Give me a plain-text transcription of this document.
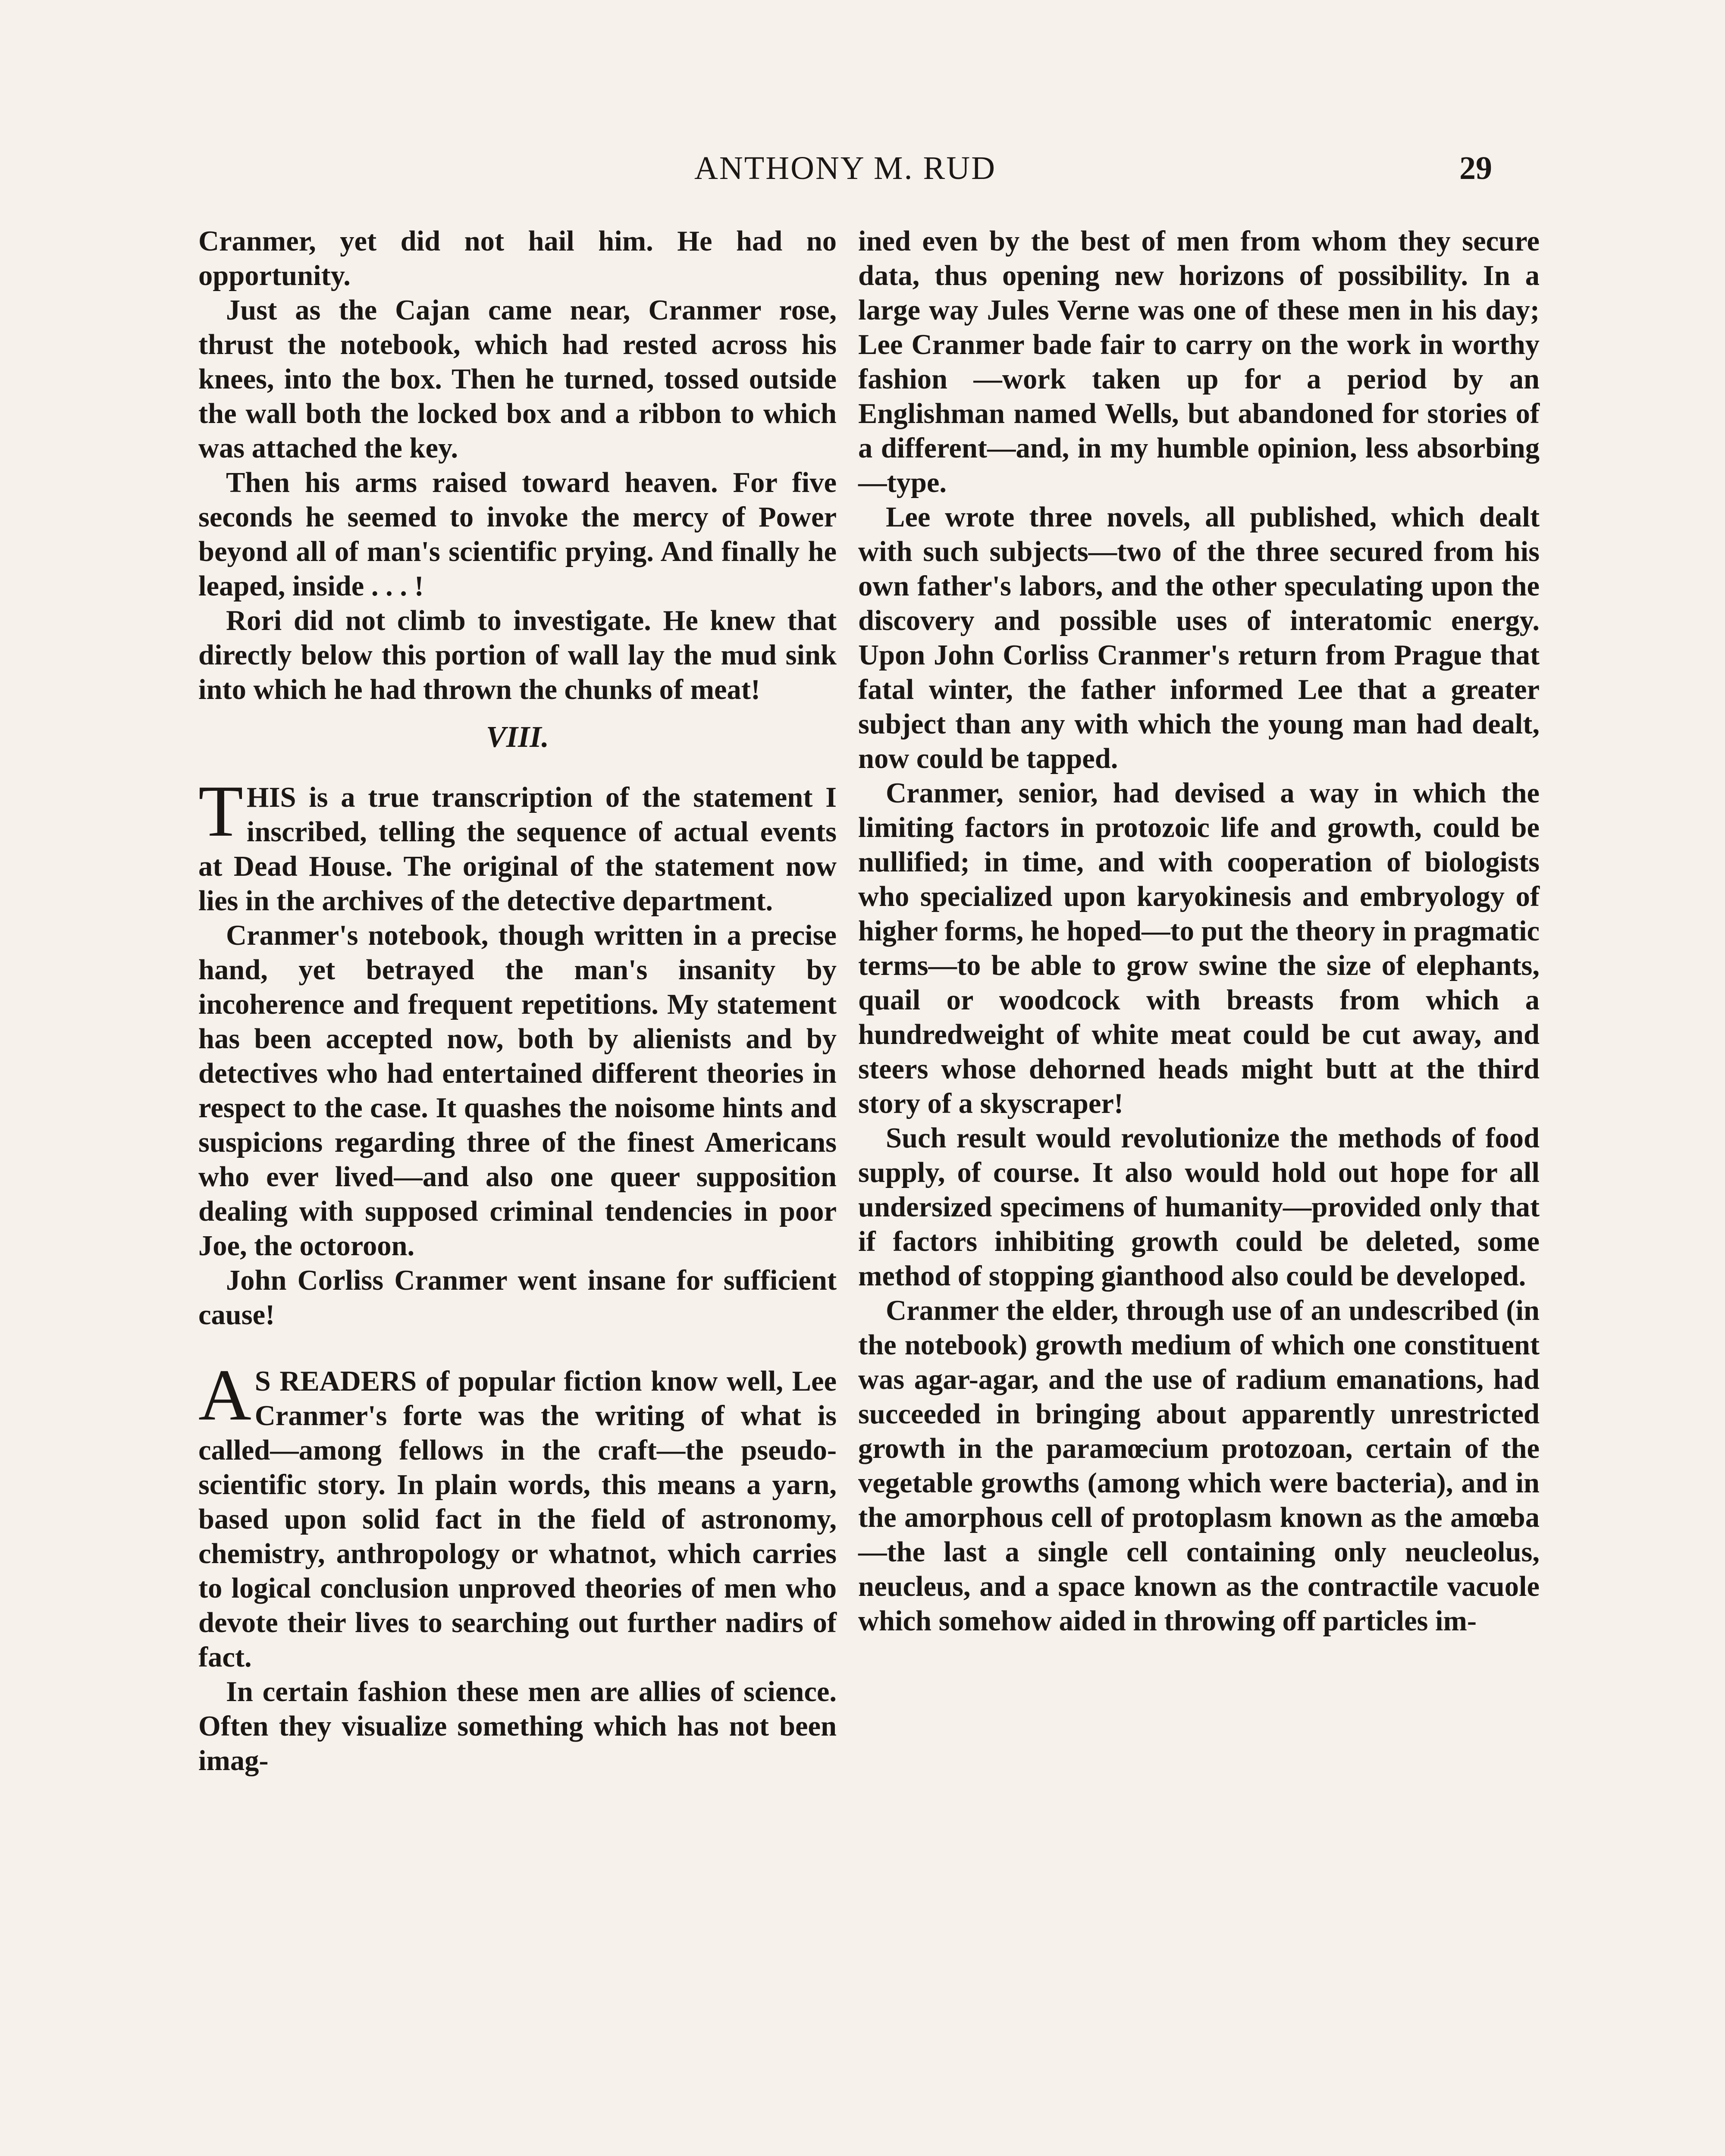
ANTHONY M. RUD	29

Cranmer, yet did not hail him. He had no opportunity.

Just as the Cajan came near, Cranmer rose, thrust the notebook, which had rested across his knees, into the box. Then he turned, tossed outside the wall both the locked box and a ribbon to which was attached the key.

Then his arms raised toward heaven. For five seconds he seemed to invoke the mercy of Power beyond all of man's scientific prying. And finally he leaped, inside . . . !

Rori did not climb to investigate. He knew that directly below this portion of wall lay the mud sink into which he had thrown the chunks of meat!

VIII.

THIS is a true transcription of the statement I inscribed, telling the sequence of actual events at Dead House. The original of the statement now lies in the archives of the detective department.

Cranmer's notebook, though written in a precise hand, yet betrayed the man's insanity by incoherence and frequent repetitions. My statement has been accepted now, both by alienists and by detectives who had entertained different theories in respect to the case. It quashes the noisome hints and suspicions regarding three of the finest Americans who ever lived—and also one queer supposition dealing with supposed criminal tendencies in poor Joe, the octoroon.

John Corliss Cranmer went insane for sufficient cause!

A S READERS of popular fiction know well, Lee Cranmer's forte was the writing of what is called—among fellows in the craft—the pseudo-scientific story. In plain words, this means a yarn, based upon solid fact in the field of astronomy, chemistry, anthropology or whatnot, which carries to logical conclusion unproved theories of men who devote their lives to searching out further nadirs of fact.

In certain fashion these men are allies of science. Often they visualize something which has not been imag-

ined even by the best of men from whom they secure data, thus opening new horizons of possibility. In a large way Jules Verne was one of these men in his day; Lee Cranmer bade fair to carry on the work in worthy fashion —work taken up for a period by an Englishman named Wells, but abandoned for stories of a different—and, in my humble opinion, less absorbing—type.

Lee wrote three novels, all published, which dealt with such subjects—two of the three secured from his own father's labors, and the other speculating upon the discovery and possible uses of interatomic energy. Upon John Corliss Cranmer's return from Prague that fatal winter, the father informed Lee that a greater subject than any with which the young man had dealt, now could be tapped.

Cranmer, senior, had devised a way in which the limiting factors in protozoic life and growth, could be nullified; in time, and with cooperation of biologists who specialized upon karyokinesis and embryology of higher forms, he hoped—to put the theory in pragmatic terms—to be able to grow swine the size of elephants, quail or woodcock with breasts from which a hundredweight of white meat could be cut away, and steers whose dehorned heads might butt at the third story of a skyscraper!

Such result would revolutionize the methods of food supply, of course. It also would hold out hope for all undersized specimens of humanity—provided only that if factors inhibiting growth could be deleted, some method of stopping gianthood also could be developed.

Cranmer the elder, through use of an undescribed (in the notebook) growth medium of which one constituent was agar-agar, and the use of radium emanations, had succeeded in bringing about apparently unrestricted growth in the paramœcium protozoan, certain of the vegetable growths (among which were bacteria), and in the amorphous cell of protoplasm known as the amœba —the last a single cell containing only neucleolus, neucleus, and a space known as the contractile vacuole which somehow aided in throwing off particles im-
